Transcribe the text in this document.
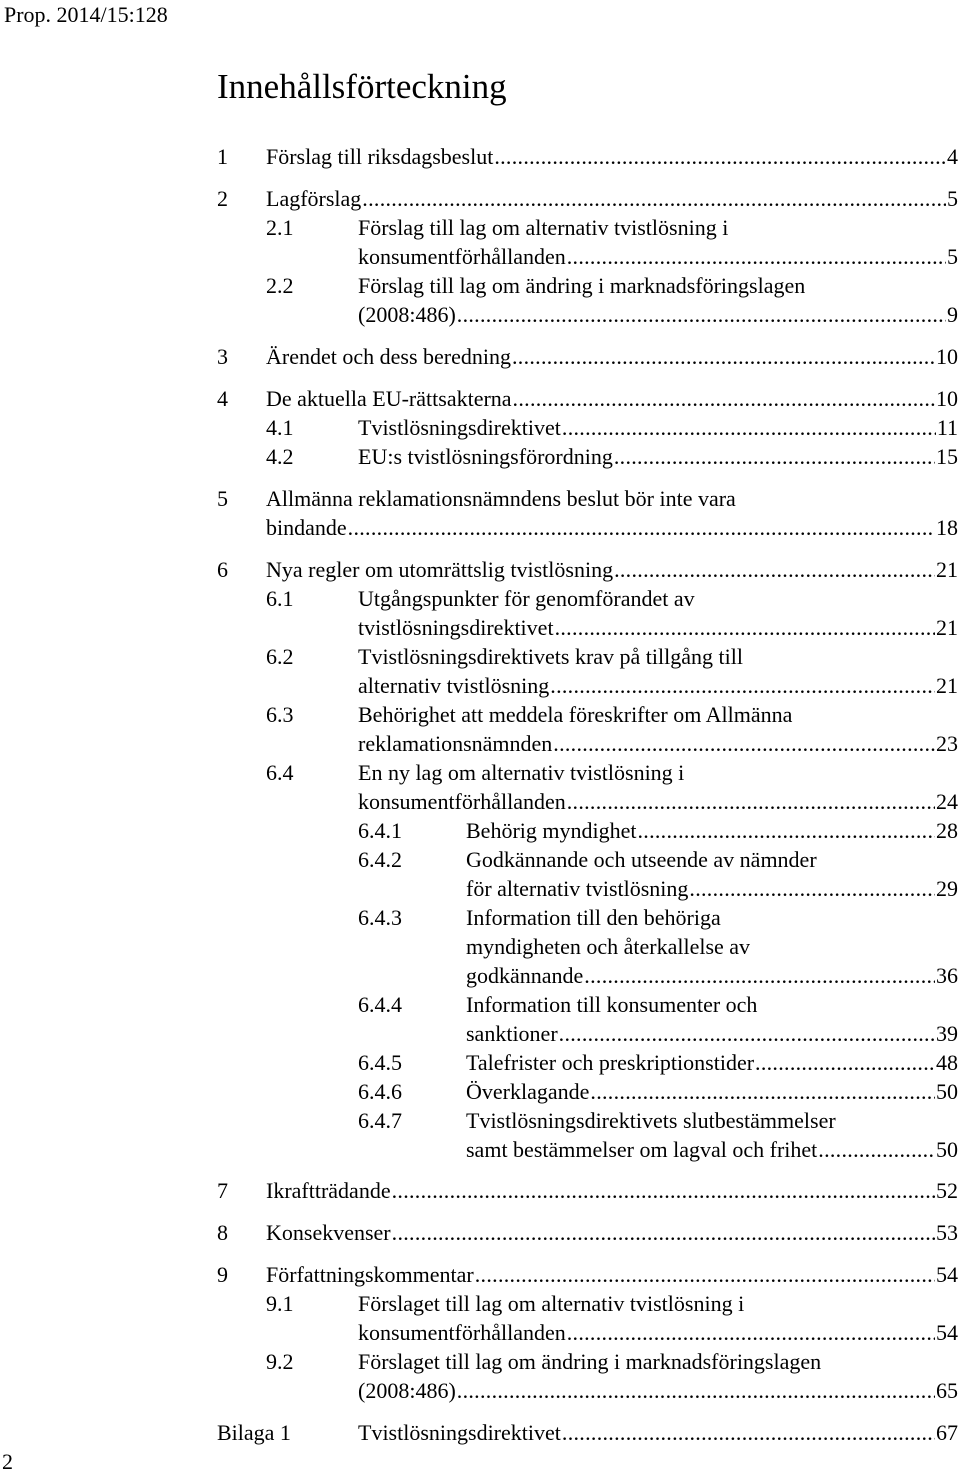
Prop. 2014/15:128
Innehållsförteckning
1 Förslag till riksdagsbeslut . . .	4
2 Lagförslag . . .	5
2.1	Förslag till lag om alternativ tvistlösning i
konsumentförhållanden . . .	5
2.2	Förslag till lag om ändring i marknadsföringslagen
(2008:486) . . .	9
3 Ärendet och dess beredning . . .	10
4 De aktuella EU-rättsakterna . . .	10
4.1	Tvistlösningsdirektivet . . .	11
4.2	EU:s tvistlösningsförordning . . .	15
5 Allmänna reklamationsnämndens beslut bör inte vara
bindande . . .	18
6 Nya regler om utomrättslig tvistlösning . . .	21
6.1	Utgångspunkter för genomförandet av
tvistlösningsdirektivet . . .	21
6.2	Tvistlösningsdirektivets krav på tillgång till
alternativ tvistlösning . . .	21
6.3	Behörighet att meddela föreskrifter om Allmänna
reklamationsnämnden . . .	23
6.4	En ny lag om alternativ tvistlösning i
konsumentförhållanden . . .	24
6.4.1	Behörig myndighet . . .	28
6.4.2	Godkännande och utseende av nämnder
för alternativ tvistlösning . . .	29
6.4.3	Information till den behöriga
myndigheten och återkallelse av
godkännande . . .	36
6.4.4	Information till konsumenter och
sanktioner . . .	39
6.4.5	Talefrister och preskriptionstider . . .	48
6.4.6	Överklagande . . .	50
6.4.7	Tvistlösningsdirektivets slutbestämmelser
samt bestämmelser om lagval och frihet . . .	50
7 Ikraftträdande . . .	52
8 Konsekvenser . . .	53
9 Författningskommentar . . .	54
9.1	Förslaget till lag om alternativ tvistlösning i
konsumentförhållanden . . .	54
9.2	Förslaget till lag om ändring i marknadsföringslagen
(2008:486) . . .	65
Bilaga 1	Tvistlösningsdirektivet . . .	67
2
